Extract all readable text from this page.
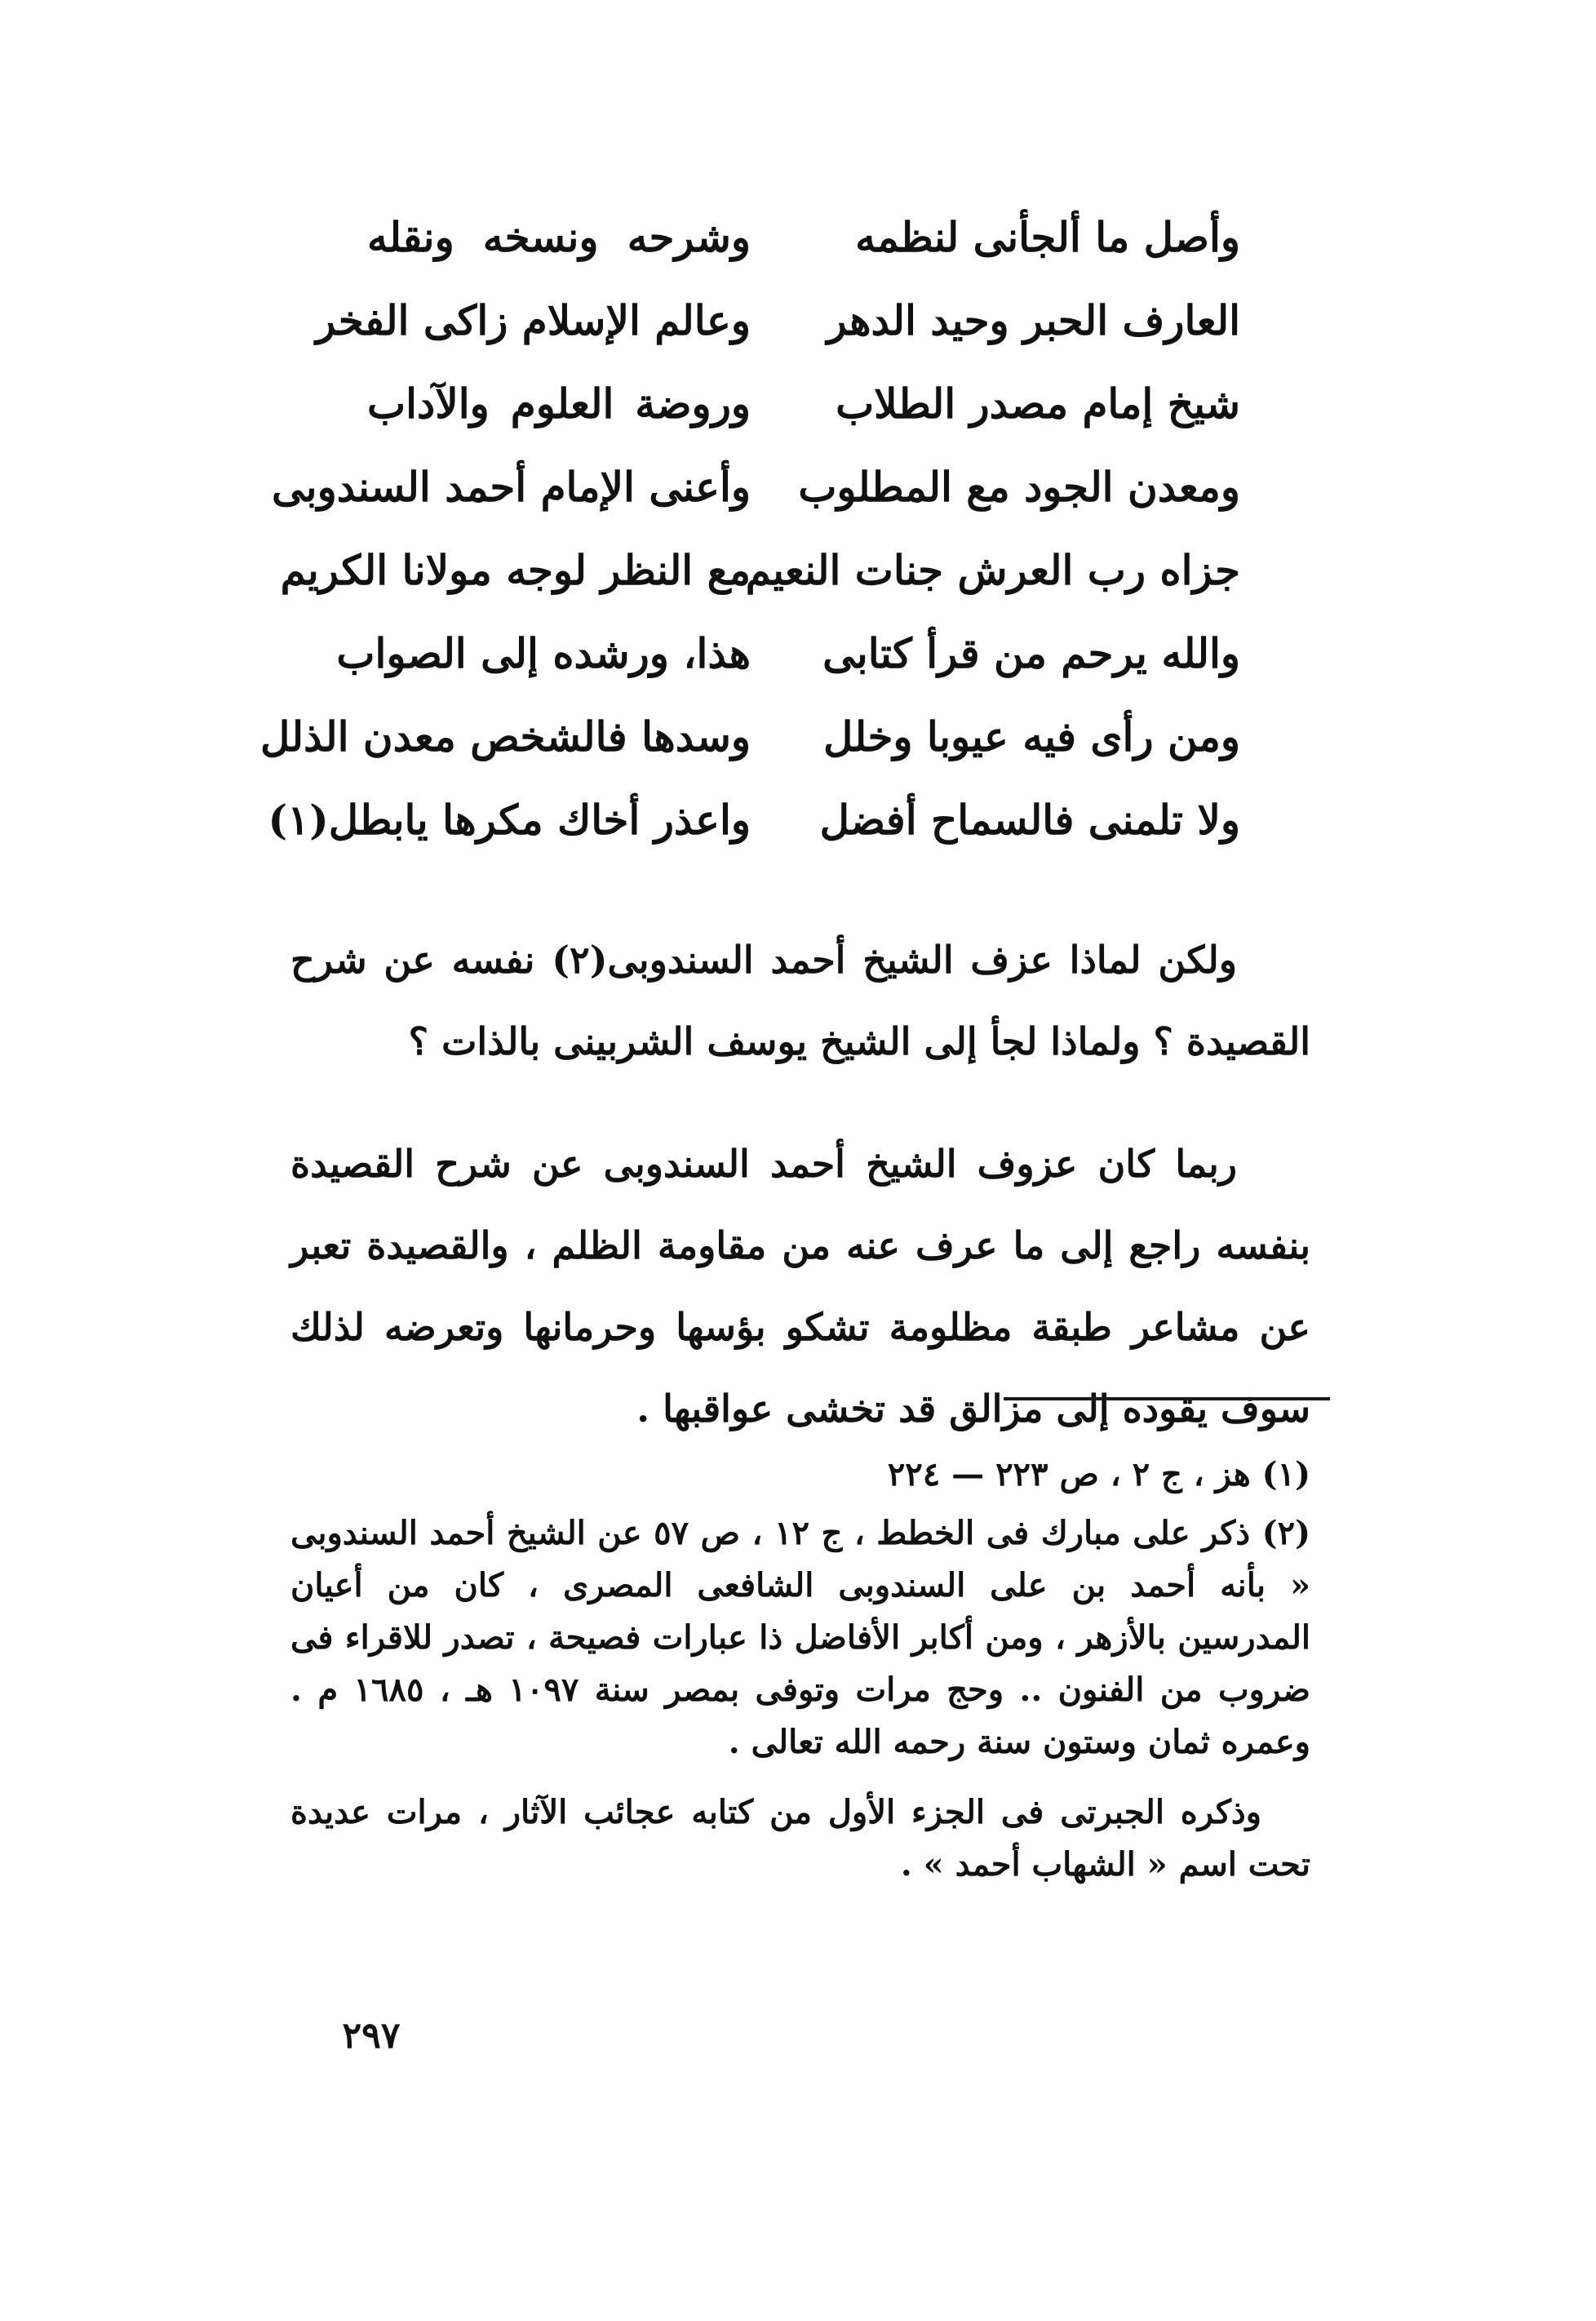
وأصل ما ألجأنى لنظمه
وشرحه ونسخه ونقله
العارف الحبر وحيد الدهر
وعالم الإسلام زاكى الفخر
شيخ إمام مصدر الطلاب
وروضة العلوم والآداب
ومعدن الجود مع المطلوب
وأعنى الإمام أحمد السندوبى
جزاه رب العرش جنات النعيم
مع النظر لوجه مولانا الكريم
والله يرحم من قرأ كتابى
هذا، ورشده إلى الصواب
ومن رأى فيه عيوبا وخلل
وسدها فالشخص معدن الذلل
ولا تلمنى فالسماح أفضل
واعذر أخاك مكرها يابطل(١)

ولكن لماذا عزف الشيخ أحمد السندوبى(٢) نفسه عن شرح القصيدة ؟ ولماذا لجأ إلى الشيخ يوسف الشربينى بالذات ؟

ربما كان عزوف الشيخ أحمد السندوبى عن شرح القصيدة بنفسه راجع إلى ما عرف عنه من مقاومة الظلم ، والقصيدة تعبر عن مشاعر طبقة مظلومة تشكو بؤسها وحرمانها وتعرضه لذلك سوف يقوده إلى مزالق قد تخشى عواقبها .

(١) هز ، ج ٢ ، ص ٢٢٣ — ٢٢٤

(٢) ذكر على مبارك فى الخطط ، ج ١٢ ، ص ٥٧ عن الشيخ أحمد السندوبى « بأنه أحمد بن على السندوبى الشافعى المصرى ، كان من أعيان المدرسين بالأزهر ، ومن أكابر الأفاضل ذا عبارات فصيحة ، تصدر للاقراء فى ضروب من الفنون .. وحج مرات وتوفى بمصر سنة ١٠٩٧ هـ ، ١٦٨٥ م . وعمره ثمان وستون سنة رحمه الله تعالى .

وذكره الجبرتى فى الجزء الأول من كتابه عجائب الآثار ، مرات عديدة تحت اسم « الشهاب أحمد » .

٢٩٧
